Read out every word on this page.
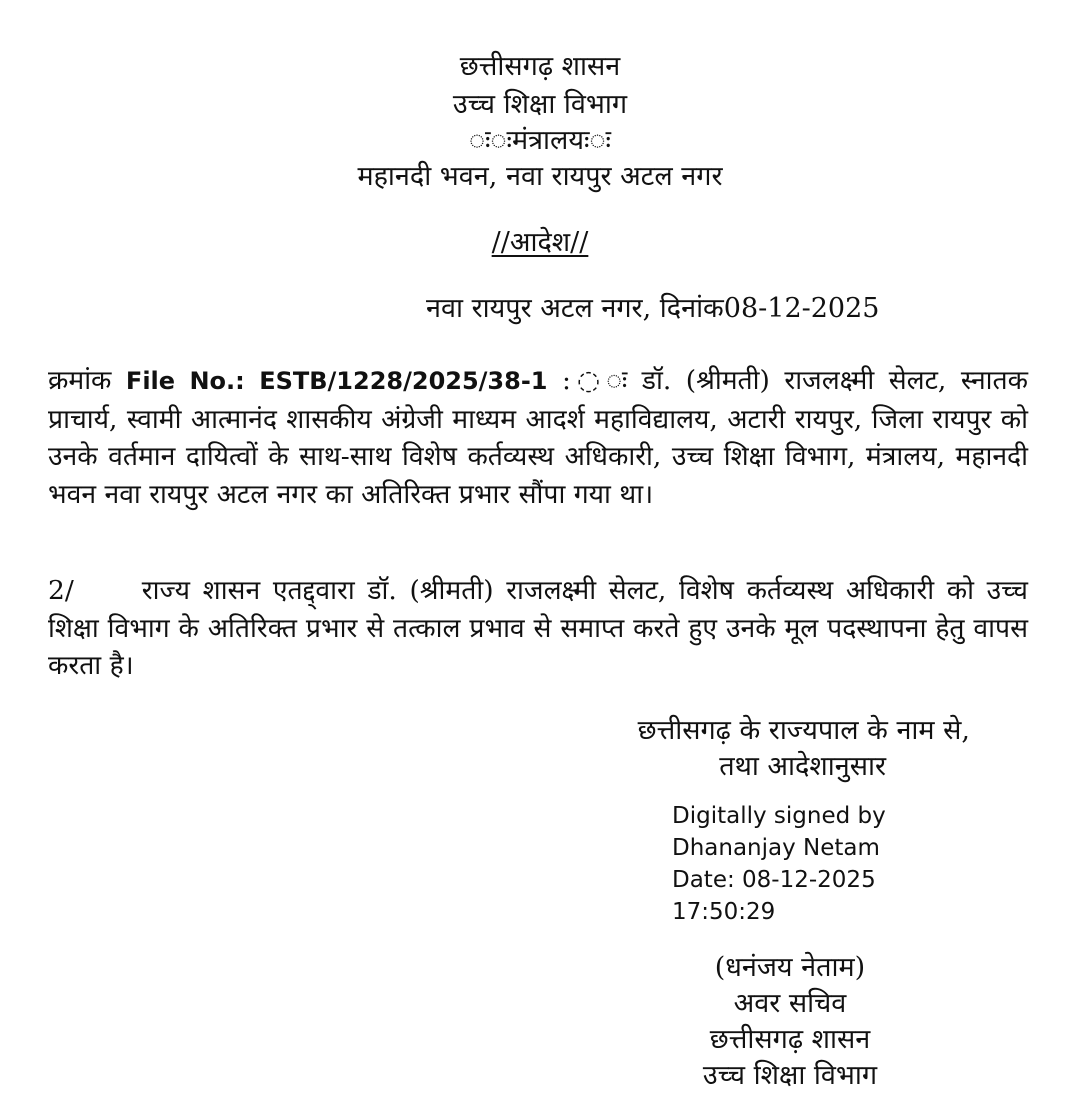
छत्तीसगढ़ शासन
उच्च शिक्षा विभाग
◌ः◌ःमंत्रालयः◌ः
महानदी भवन, नवा रायपुर अटल नगर
//आदेश//
नवा रायपुर अटल नगर, दिनांक08-12-2025
क्रमांक File No.: ESTB/1228/2025/38-1 :◌ः डॉ. (श्रीमती) राजलक्ष्मी सेलट, स्नातक प्राचार्य, स्वामी आत्मानंद शासकीय अंग्रेजी माध्यम आदर्श महाविद्यालय, अटारी रायपुर, जिला रायपुर को उनके वर्तमान दायित्वों के साथ-साथ विशेष कर्तव्यस्थ अधिकारी, उच्च शिक्षा विभाग, मंत्रालय, महानदी भवन नवा रायपुर अटल नगर का अतिरिक्त प्रभार सौंपा गया था।
2/	राज्य शासन एतद्द्वारा डॉ. (श्रीमती) राजलक्ष्मी सेलट, विशेष कर्तव्यस्थ अधिकारी को उच्च शिक्षा विभाग के अतिरिक्त प्रभार से तत्काल प्रभाव से समाप्त करते हुए उनके मूल पदस्थापना हेतु वापस करता है।
छत्तीसगढ़ के राज्यपाल के नाम से,
तथा आदेशानुसार
Digitally signed by
Dhananjay Netam
Date: 08-12-2025
17:50:29
(धनंजय नेताम)
अवर सचिव
छत्तीसगढ़ शासन
उच्च शिक्षा विभाग
